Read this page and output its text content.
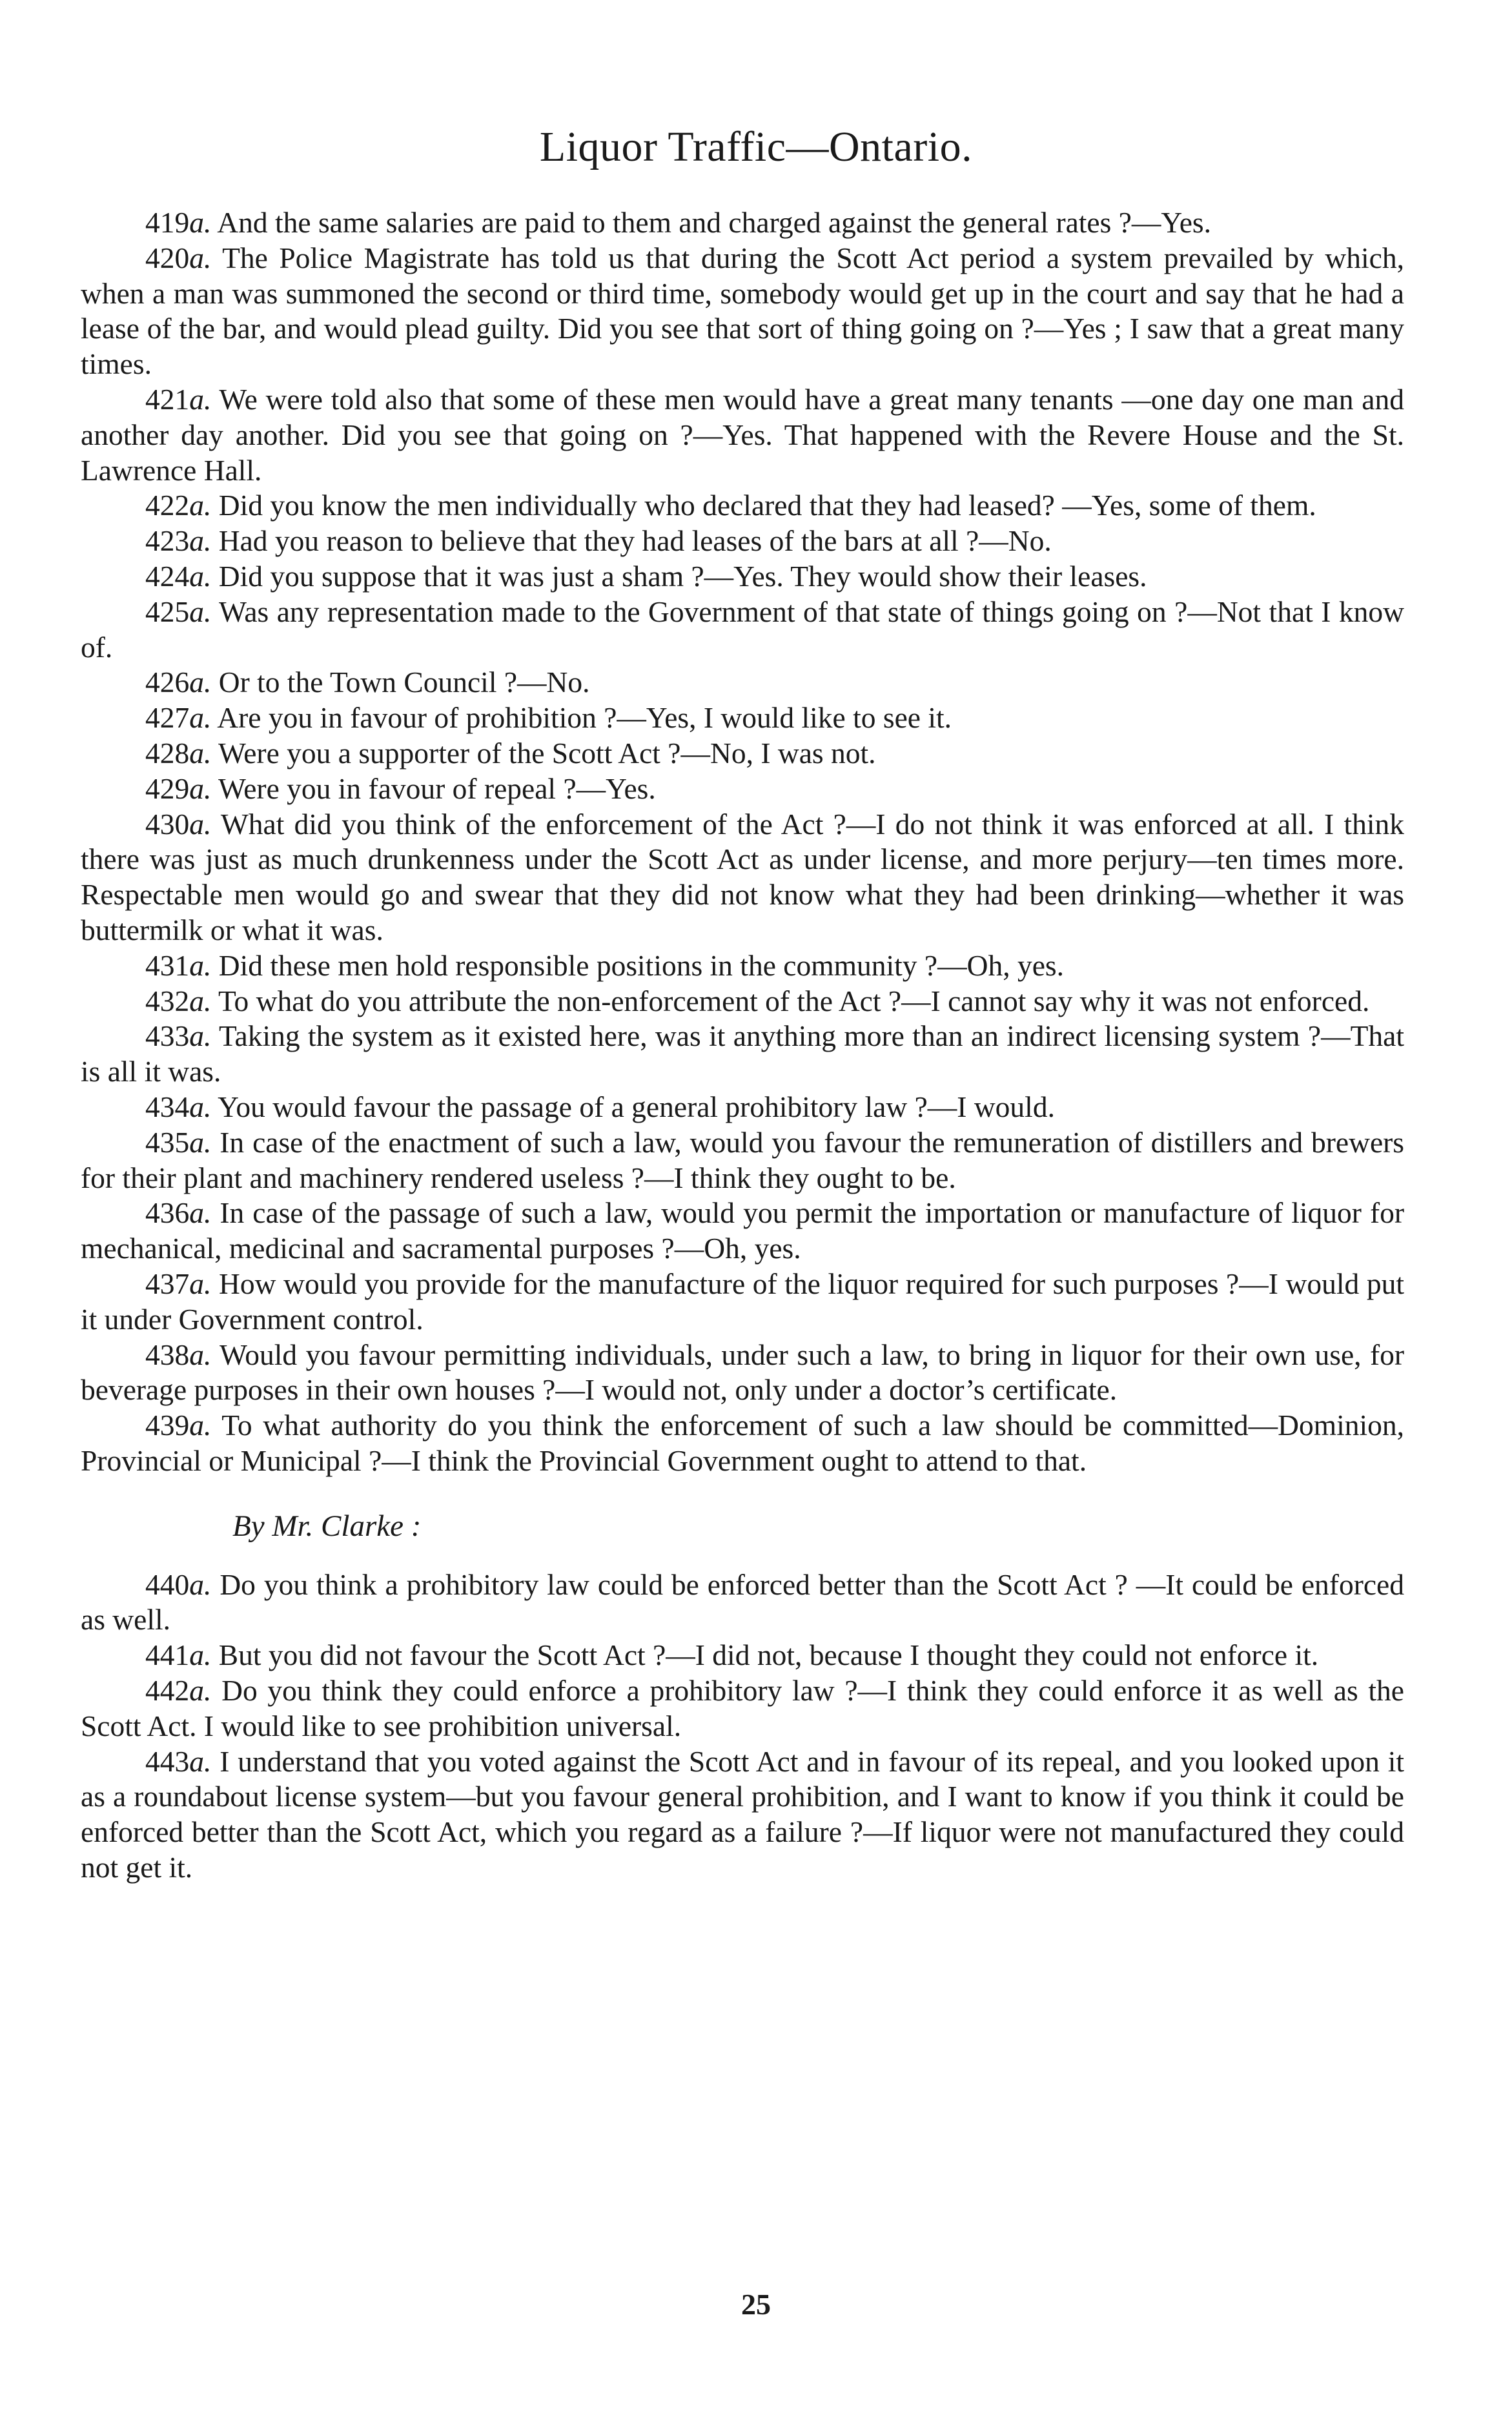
Liquor Traffic—Ontario.

419a. And the same salaries are paid to them and charged against the general rates ?—Yes.

420a. The Police Magistrate has told us that during the Scott Act period a system prevailed by which, when a man was summoned the second or third time, somebody would get up in the court and say that he had a lease of the bar, and would plead guilty. Did you see that sort of thing going on ?—Yes ; I saw that a great many times.

421a. We were told also that some of these men would have a great many tenants —one day one man and another day another. Did you see that going on ?—Yes. That happened with the Revere House and the St. Lawrence Hall.

422a. Did you know the men individually who declared that they had leased? —Yes, some of them.

423a. Had you reason to believe that they had leases of the bars at all ?—No.

424a. Did you suppose that it was just a sham ?—Yes. They would show their leases.

425a. Was any representation made to the Government of that state of things going on ?—Not that I know of.

426a. Or to the Town Council ?—No.

427a. Are you in favour of prohibition ?—Yes, I would like to see it.

428a. Were you a supporter of the Scott Act ?—No, I was not.

429a. Were you in favour of repeal ?—Yes.

430a. What did you think of the enforcement of the Act ?—I do not think it was enforced at all. I think there was just as much drunkenness under the Scott Act as under license, and more perjury—ten times more. Respectable men would go and swear that they did not know what they had been drinking—whether it was buttermilk or what it was.

431a. Did these men hold responsible positions in the community ?—Oh, yes.

432a. To what do you attribute the non-enforcement of the Act ?—I cannot say why it was not enforced.

433a. Taking the system as it existed here, was it anything more than an indirect licensing system ?—That is all it was.

434a. You would favour the passage of a general prohibitory law ?—I would.

435a. In case of the enactment of such a law, would you favour the remuneration of distillers and brewers for their plant and machinery rendered useless ?—I think they ought to be.

436a. In case of the passage of such a law, would you permit the importation or manufacture of liquor for mechanical, medicinal and sacramental purposes ?—Oh, yes.

437a. How would you provide for the manufacture of the liquor required for such purposes ?—I would put it under Government control.

438a. Would you favour permitting individuals, under such a law, to bring in liquor for their own use, for beverage purposes in their own houses ?—I would not, only under a doctor’s certificate.

439a. To what authority do you think the enforcement of such a law should be committed—Dominion, Provincial or Municipal ?—I think the Provincial Government ought to attend to that.

By Mr. Clarke :

440a. Do you think a prohibitory law could be enforced better than the Scott Act ? —It could be enforced as well.

441a. But you did not favour the Scott Act ?—I did not, because I thought they could not enforce it.

442a. Do you think they could enforce a prohibitory law ?—I think they could enforce it as well as the Scott Act. I would like to see prohibition universal.

443a. I understand that you voted against the Scott Act and in favour of its repeal, and you looked upon it as a roundabout license system—but you favour general prohibition, and I want to know if you think it could be enforced better than the Scott Act, which you regard as a failure ?—If liquor were not manufactured they could not get it.

25
